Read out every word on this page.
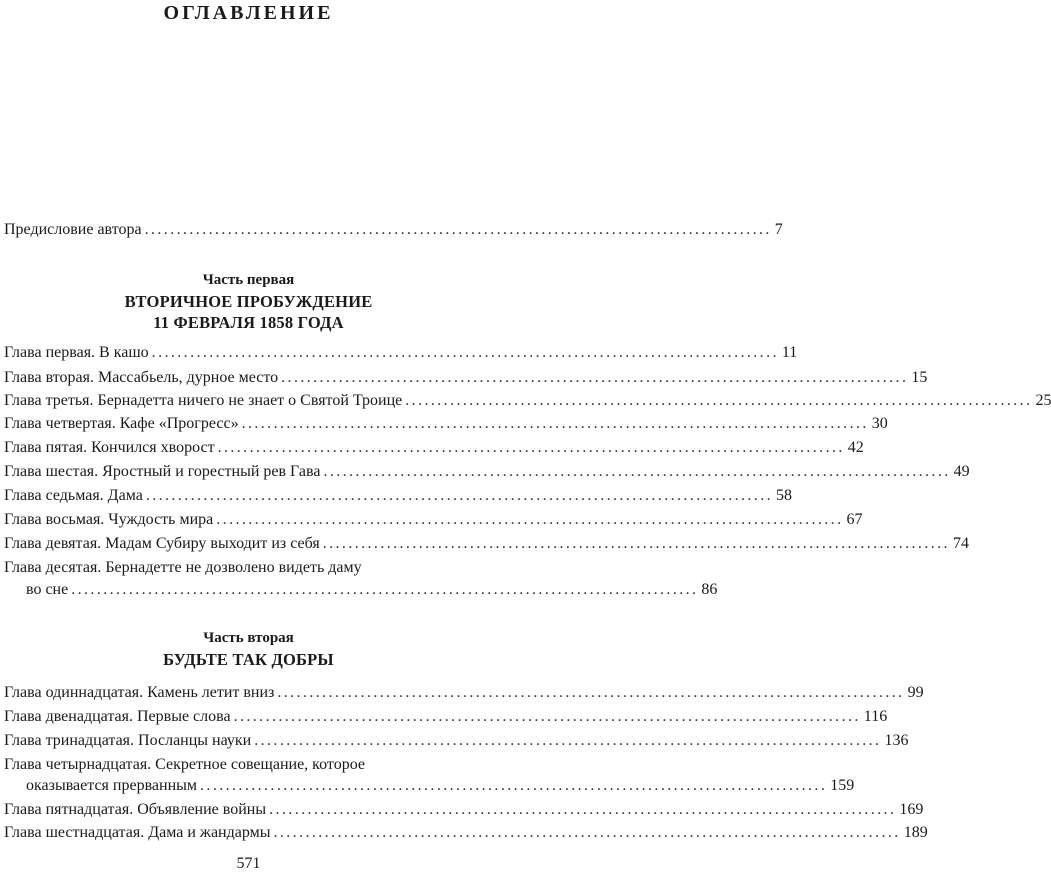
ОГЛАВЛЕНИЕ
Предисловие автора .................................................................................................. 7
Часть первая
ВТОРИЧНОЕ ПРОБУЖДЕНИЕ
11 ФЕВРАЛЯ 1858 ГОДА
Глава первая. В кашо .................................................................................................. 11
Глава вторая. Массабьель, дурное место .................................................................................................. 15
Глава третья. Бернадетта ничего не знает о Святой Троице .................................................................................................. 25
Глава четвертая. Кафе «Прогресс» .................................................................................................. 30
Глава пятая. Кончился хворост .................................................................................................. 42
Глава шестая. Яростный и горестный рев Гава .................................................................................................. 49
Глава седьмая. Дама .................................................................................................. 58
Глава восьмая. Чуждость мира .................................................................................................. 67
Глава девятая. Мадам Субиру выходит из себя .................................................................................................. 74
Глава десятая. Бернадетте не дозволено видеть даму
во сне .................................................................................................. 86
Часть вторая
БУДЬТЕ ТАК ДОБРЫ
Глава одиннадцатая. Камень летит вниз .................................................................................................. 99
Глава двенадцатая. Первые слова .................................................................................................. 116
Глава тринадцатая. Посланцы науки .................................................................................................. 136
Глава четырнадцатая. Секретное совещание, которое
оказывается прерванным .................................................................................................. 159
Глава пятнадцатая. Объявление войны .................................................................................................. 169
Глава шестнадцатая. Дама и жандармы .................................................................................................. 189
571
